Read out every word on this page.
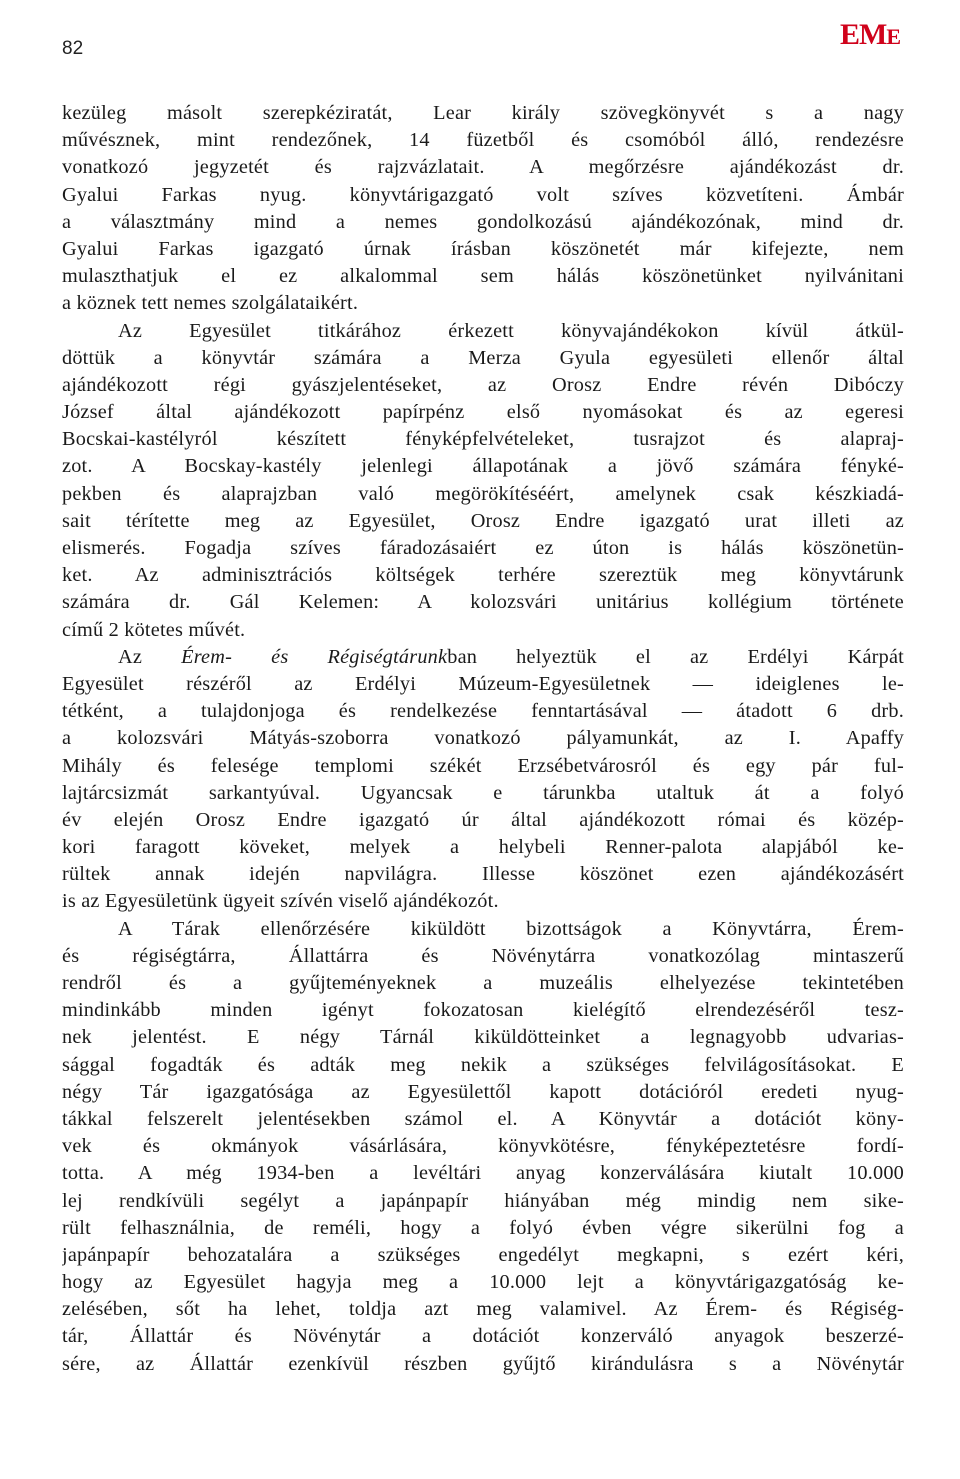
82	EME
kezüleg másolt szerepkéziratát, Lear király szövegkönyvét s a nagy
művésznek, mint rendezőnek, 14 füzetből és csomóból álló, rendezésre
vonatkozó jegyzetét és rajzvázlatait. A megőrzésre ajándékozást dr.
Gyalui Farkas nyug. könyvtárigazgató volt szíves közvetíteni. Ámbár
a választmány mind a nemes gondolkozású ajándékozónak, mind dr.
Gyalui Farkas igazgató úrnak írásban köszönetét már kifejezte, nem
mulaszthatjuk el ez alkalommal sem hálás köszönetünket nyilvánitani
a köznek tett nemes szolgálataikért.
Az Egyesület titkárához érkezett könyvajándékokon kívül átkül-
döttük a könyvtár számára a Merza Gyula egyesületi ellenőr által
ajándékozott régi gyászjelentéseket, az Orosz Endre révén Dibóczy
József által ajándékozott papírpénz első nyomásokat és az egeresi
Bocskai-kastélyról készített fényképfelvételeket, tusrajzot és alapraj-
zot. A Bocskay-kastély jelenlegi állapotának a jövő számára fényké-
pekben és alaprajzban való megörökítéséért, amelynek csak készkiadá-
sait térítette meg az Egyesület, Orosz Endre igazgató urat illeti az
elismerés. Fogadja szíves fáradozásaiért ez úton is hálás köszönetün-
ket. Az adminisztrációs költségek terhére szereztük meg könyvtárunk
számára dr. Gál Kelemen: A kolozsvári unitárius kollégium története
című 2 kötetes művét.
Az Érem- és Régiségtárunkban helyeztük el az Erdélyi Kárpát
Egyesület részéről az Erdélyi Múzeum-Egyesületnek — ideiglenes le-
tétként, a tulajdonjoga és rendelkezése fenntartásával — átadott 6 drb.
a kolozsvári Mátyás-szoborra vonatkozó pályamunkát, az I. Apaffy
Mihály és felesége templomi székét Erzsébetvárosról és egy pár ful-
lajtárcsizmát sarkantyúval. Ugyancsak e tárunkba utaltuk át a folyó
év elején Orosz Endre igazgató úr által ajándékozott római és közép-
kori faragott köveket, melyek a helybeli Renner-palota alapjából ke-
rültek annak idején napvilágra. Illesse köszönet ezen ajándékozásért
is az Egyesületünk ügyeit szívén viselő ajándékozót.
A Tárak ellenőrzésére kiküldött bizottságok a Könyvtárra, Érem-
és régiségtárra, Állattárra és Növénytárra vonatkozólag mintaszerű
rendről és a gyűjteményeknek a muzeális elhelyezése tekintetében
mindinkább minden igényt fokozatosan kielégítő elrendezéséről tesz-
nek jelentést. E négy Tárnál kiküldötteinket a legnagyobb udvarias-
sággal fogadták és adták meg nekik a szükséges felvilágosításokat. E
négy Tár igazgatósága az Egyesülettől kapott dotációról eredeti nyug-
tákkal felszerelt jelentésekben számol el. A Könyvtár a dotációt köny-
vek és okmányok vásárlására, könyvkötésre, fényképeztetésre fordí-
totta. A még 1934-ben a levéltári anyag konzerválására kiutalt 10.000
lej rendkívüli segélyt a japánpapír hiányában még mindig nem sike-
rült felhasználnia, de reméli, hogy a folyó évben végre sikerülni fog a
japánpapír behozatalára a szükséges engedélyt megkapni, s ezért kéri,
hogy az Egyesület hagyja meg a 10.000 lejt a könyvtárigazgatóság ke-
zelésében, sőt ha lehet, toldja azt meg valamivel. Az Érem- és Régiség-
tár, Állattár és Növénytár a dotációt konzerváló anyagok beszerzé-
sére, az Állattár ezenkívül részben gyűjtő kirándulásra s a Növénytár
